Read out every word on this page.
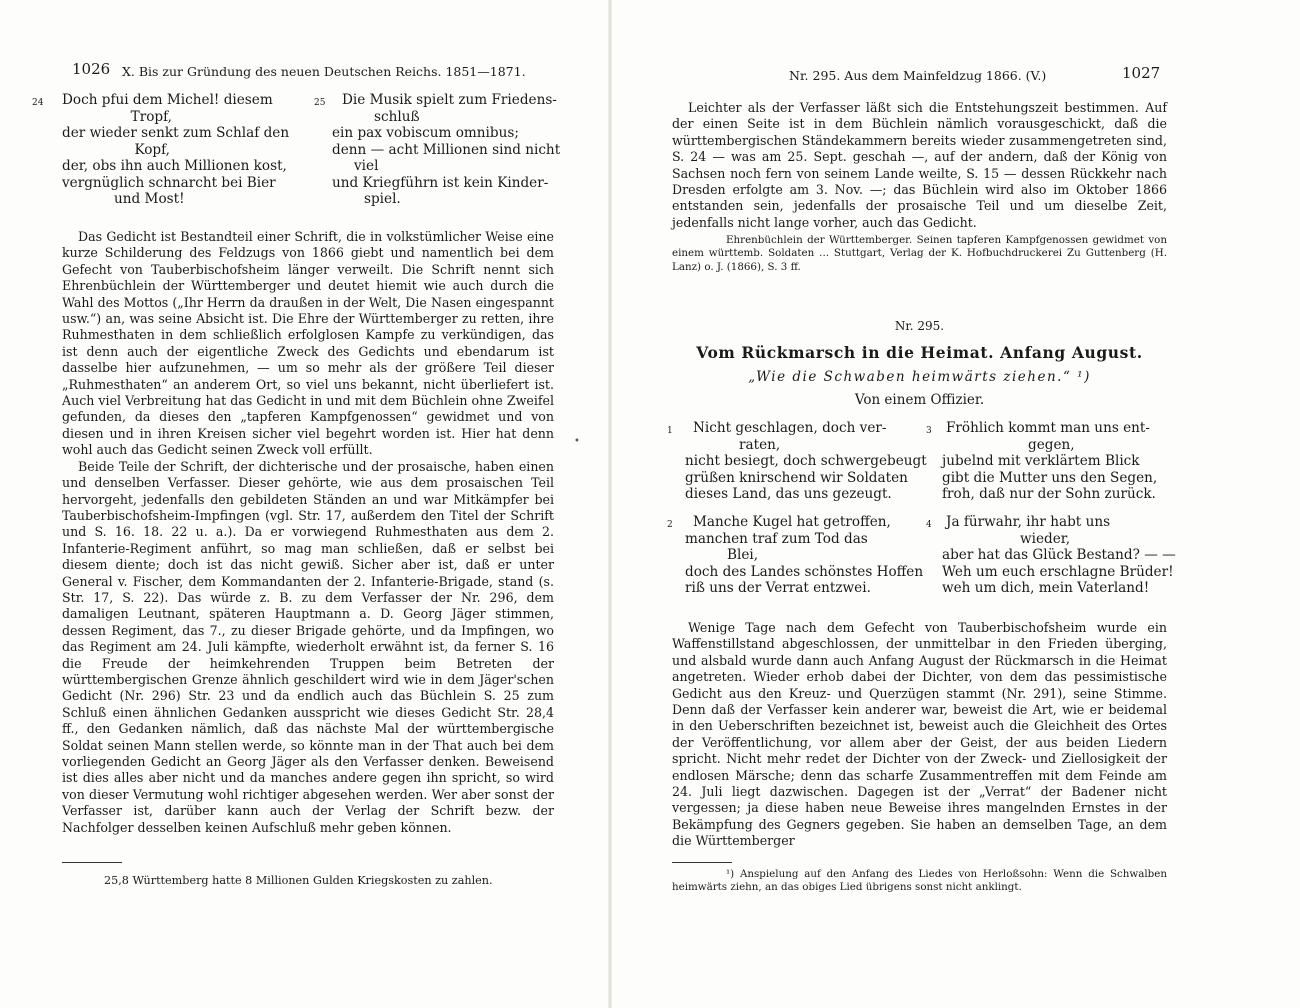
1026 X. Bis zur Gründung des neuen Deutschen Reichs. 1851—1871.
24 Doch pfui dem Michel! diesem
Tropf,
der wieder senkt zum Schlaf den
Kopf,
der, obs ihn auch Millionen kost,
vergnüglich schnarcht bei Bier
und Most!
25	Die Musik spielt zum Friedens-
schluß
ein pax vobiscum omnibus;
denn — acht Millionen sind nicht
viel
und Kriegführn ist kein Kinder-
spiel.

Das Gedicht ist Bestandteil einer Schrift, die in volkstümlicher Weise eine kurze Schilderung des Feldzugs von 1866 giebt und namentlich bei dem Gefecht von Tauberbischofsheim länger verweilt. Die Schrift nennt sich Ehrenbüchlein der Württemberger und deutet hiemit wie auch durch die Wahl des Mottos („Ihr Herrn da draußen in der Welt, Die Nasen eingespannt usw.“) an, was seine Absicht ist. Die Ehre der Württemberger zu retten, ihre Ruhmesthaten in dem schließlich erfolglosen Kampfe zu verkündigen, das ist denn auch der eigentliche Zweck des Gedichts und ebendarum ist dasselbe hier aufzunehmen, — um so mehr als der größere Teil dieser „Ruhmesthaten“ an anderem Ort, so viel uns bekannt, nicht überliefert ist. Auch viel Verbreitung hat das Gedicht in und mit dem Büchlein ohne Zweifel gefunden, da dieses den „tapferen Kampfgenossen“ gewidmet und von diesen und in ihren Kreisen sicher viel begehrt worden ist. Hier hat denn wohl auch das Gedicht seinen Zweck voll erfüllt.

Beide Teile der Schrift, der dichterische und der prosaische, haben einen und denselben Verfasser. Dieser gehörte, wie aus dem prosaischen Teil hervorgeht, jedenfalls den gebildeten Ständen an und war Mitkämpfer bei Tauberbischofsheim-Impfingen (vgl. Str. 17, außerdem den Titel der Schrift und S. 16. 18. 22 u. a.). Da er vorwiegend Ruhmesthaten aus dem 2. Infanterie-Regiment anführt, so mag man schließen, daß er selbst bei diesem diente; doch ist das nicht gewiß. Sicher aber ist, daß er unter General v. Fischer, dem Kommandanten der 2. Infanterie-Brigade, stand (s. Str. 17, S. 22). Das würde z. B. zu dem Verfasser der Nr. 296, dem damaligen Leutnant, späteren Hauptmann a. D. Georg Jäger stimmen, dessen Regiment, das 7., zu dieser Brigade gehörte, und da Impfingen, wo das Regiment am 24. Juli kämpfte, wiederholt erwähnt ist, da ferner S. 16 die Freude der heimkehrenden Truppen beim Betreten der württembergischen Grenze ähnlich geschildert wird wie in dem Jäger'schen Gedicht (Nr. 296) Str. 23 und da endlich auch das Büchlein S. 25 zum Schluß einen ähnlichen Gedanken ausspricht wie dieses Gedicht Str. 28,4 ff., den Gedanken nämlich, daß das nächste Mal der württembergische Soldat seinen Mann stellen werde, so könnte man in der That auch bei dem vorliegenden Gedicht an Georg Jäger als den Verfasser denken. Beweisend ist dies alles aber nicht und da manches andere gegen ihn spricht, so wird von dieser Vermutung wohl richtiger abgesehen werden. Wer aber sonst der Verfasser ist, darüber kann auch der Verlag der Schrift bezw. der Nachfolger desselben keinen Aufschluß mehr geben können.

25,8 Württemberg hatte 8 Millionen Gulden Kriegskosten zu zahlen.
•
Nr. 295. Aus dem Mainfeldzug 1866. (V.)	1027

Leichter als der Verfasser läßt sich die Entstehungszeit bestimmen. Auf der einen Seite ist in dem Büchlein nämlich vorausgeschickt, daß die württembergischen Ständekammern bereits wieder zusammengetreten sind, S. 24 — was am 25. Sept. geschah —, auf der andern, daß der König von Sachsen noch fern von seinem Lande weilte, S. 15 — dessen Rückkehr nach Dresden erfolgte am 3. Nov. —; das Büchlein wird also im Oktober 1866 entstanden sein, jedenfalls der prosaische Teil und um dieselbe Zeit, jedenfalls nicht lange vorher, auch das Gedicht.

Ehrenbüchlein der Württemberger. Seinen tapferen Kampfgenossen gewidmet von einem württemb. Soldaten ... Stuttgart, Verlag der K. Hofbuchdruckerei Zu Guttenberg (H. Lanz) o. J. (1866), S. 3 ff.
Nr. 295.
Vom Rückmarsch in die Heimat. Anfang August.
„Wie die Schwaben heimwärts ziehen.“ ¹)
Von einem Offizier.
1	Nicht geschlagen, doch ver-
raten,
nicht besiegt, doch schwergebeugt
grüßen knirschend wir Soldaten
dieses Land, das uns gezeugt.
2	Manche Kugel hat getroffen,
manchen traf zum Tod das
Blei,
doch des Landes schönstes Hoffen
riß uns der Verrat entzwei.
3 Fröhlich kommt man uns ent-
gegen,
jubelnd mit verklärtem Blick
gibt die Mutter uns den Segen,
froh, daß nur der Sohn zurück.
4 Ja fürwahr, ihr habt uns
wieder,
aber hat das Glück Bestand? — —
Weh um euch erschlagne Brüder!
weh um dich, mein Vaterland!

Wenige Tage nach dem Gefecht von Tauberbischofsheim wurde ein Waffenstillstand abgeschlossen, der unmittelbar in den Frieden überging, und alsbald wurde dann auch Anfang August der Rückmarsch in die Heimat angetreten. Wieder erhob dabei der Dichter, von dem das pessimistische Gedicht aus den Kreuz- und Querzügen stammt (Nr. 291), seine Stimme. Denn daß der Verfasser kein anderer war, beweist die Art, wie er beidemal in den Ueberschriften bezeichnet ist, beweist auch die Gleichheit des Ortes der Veröffentlichung, vor allem aber der Geist, der aus beiden Liedern spricht. Nicht mehr redet der Dichter von der Zweck- und Ziellosigkeit der endlosen Märsche; denn das scharfe Zusammentreffen mit dem Feinde am 24. Juli liegt dazwischen. Dagegen ist der „Verrat“ der Badener nicht vergessen; ja diese haben neue Beweise ihres mangelnden Ernstes in der Bekämpfung des Gegners gegeben. Sie haben an demselben Tage, an dem die Württemberger

¹) Anspielung auf den Anfang des Liedes von Herloßsohn: Wenn die Schwalben heimwärts ziehn, an das obiges Lied übrigens sonst nicht anklingt.
